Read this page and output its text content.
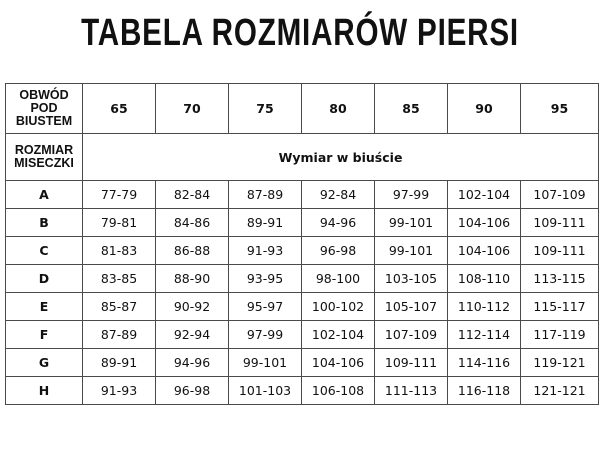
TABELA ROZMIARÓW PIERSI
OBWÓD
POD
BIUSTEM	65	70	75	80	85	90	95

ROZMIAR
MISECZKI	Wymiar w biuście						
A	77-79	82-84	87-89	92-84	97-99	102-104	107-109
B	79-81	84-86	89-91	94-96	99-101	104-106	109-111
C	81-83	86-88	91-93	96-98	99-101	104-106	109-111
D	83-85	88-90	93-95	98-100	103-105	108-110	113-115
E	85-87	90-92	95-97	100-102	105-107	110-112	115-117
F	87-89	92-94	97-99	102-104	107-109	112-114	117-119
G	89-91	94-96	99-101	104-106	109-111	114-116	119-121
H	91-93	96-98	101-103	106-108	111-113	116-118	121-121
